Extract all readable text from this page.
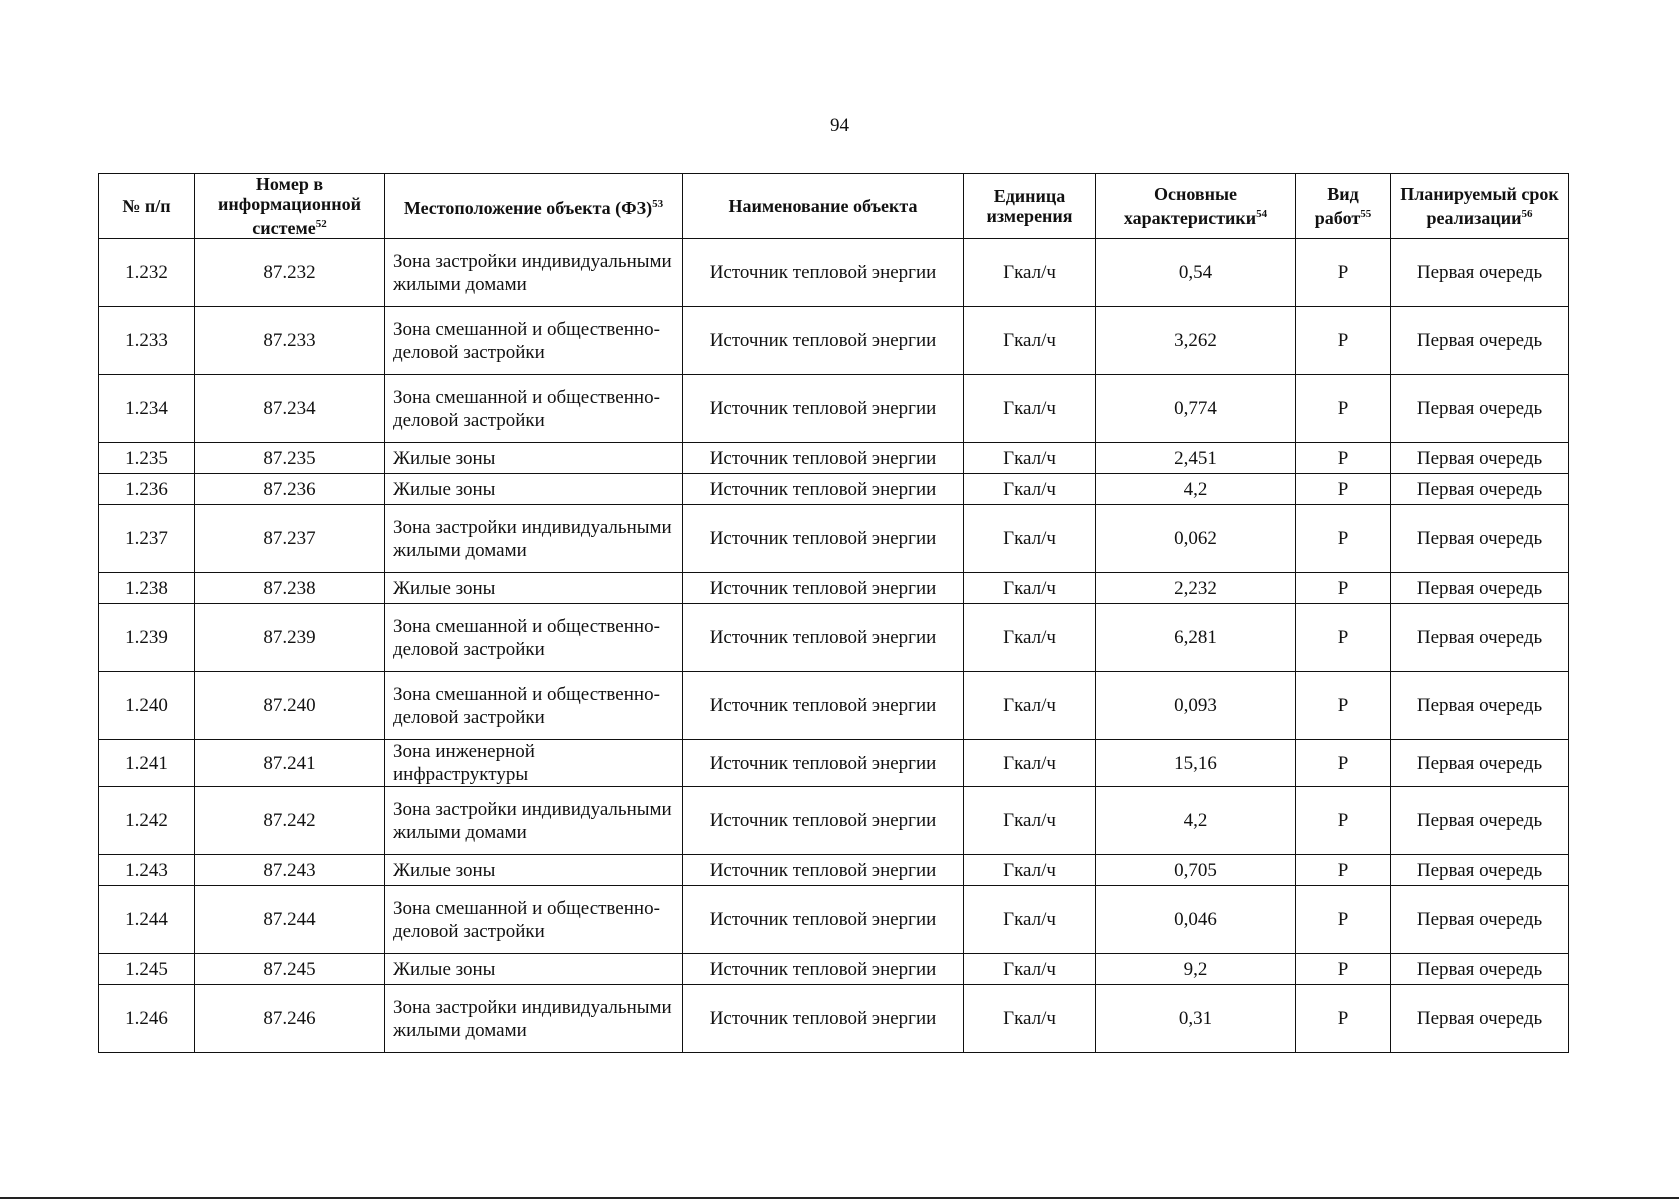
94
№ п/п	Номер в информационной системе$^{52}$	Местоположение объекта (ФЗ)$^{53}$	Наименование объекта	Единица измерения	Основные характеристики$^{54}$	Вид работ$^{55}$	Планируемый срок реализации$^{56}$
1.232	87.232	Зона застройки индивидуальными жилыми домами	Источник тепловой энергии	Гкал/ч	0,54	Р	Первая очередь
1.233	87.233	Зона смешанной и общественно-деловой застройки	Источник тепловой энергии	Гкал/ч	3,262	Р	Первая очередь
1.234	87.234	Зона смешанной и общественно-деловой застройки	Источник тепловой энергии	Гкал/ч	0,774	Р	Первая очередь
1.235	87.235	Жилые зоны	Источник тепловой энергии	Гкал/ч	2,451	Р	Первая очередь
1.236	87.236	Жилые зоны	Источник тепловой энергии	Гкал/ч	4,2	Р	Первая очередь
1.237	87.237	Зона застройки индивидуальными жилыми домами	Источник тепловой энергии	Гкал/ч	0,062	Р	Первая очередь
1.238	87.238	Жилые зоны	Источник тепловой энергии	Гкал/ч	2,232	Р	Первая очередь
1.239	87.239	Зона смешанной и общественно-деловой застройки	Источник тепловой энергии	Гкал/ч	6,281	Р	Первая очередь
1.240	87.240	Зона смешанной и общественно-деловой застройки	Источник тепловой энергии	Гкал/ч	0,093	Р	Первая очередь
1.241	87.241	Зона инженерной инфраструктуры	Источник тепловой энергии	Гкал/ч	15,16	Р	Первая очередь
1.242	87.242	Зона застройки индивидуальными жилыми домами	Источник тепловой энергии	Гкал/ч	4,2	Р	Первая очередь
1.243	87.243	Жилые зоны	Источник тепловой энергии	Гкал/ч	0,705	Р	Первая очередь
1.244	87.244	Зона смешанной и общественно-деловой застройки	Источник тепловой энергии	Гкал/ч	0,046	Р	Первая очередь
1.245	87.245	Жилые зоны	Источник тепловой энергии	Гкал/ч	9,2	Р	Первая очередь
1.246	87.246	Зона застройки индивидуальными жилыми домами	Источник тепловой энергии	Гкал/ч	0,31	Р	Первая очередь
